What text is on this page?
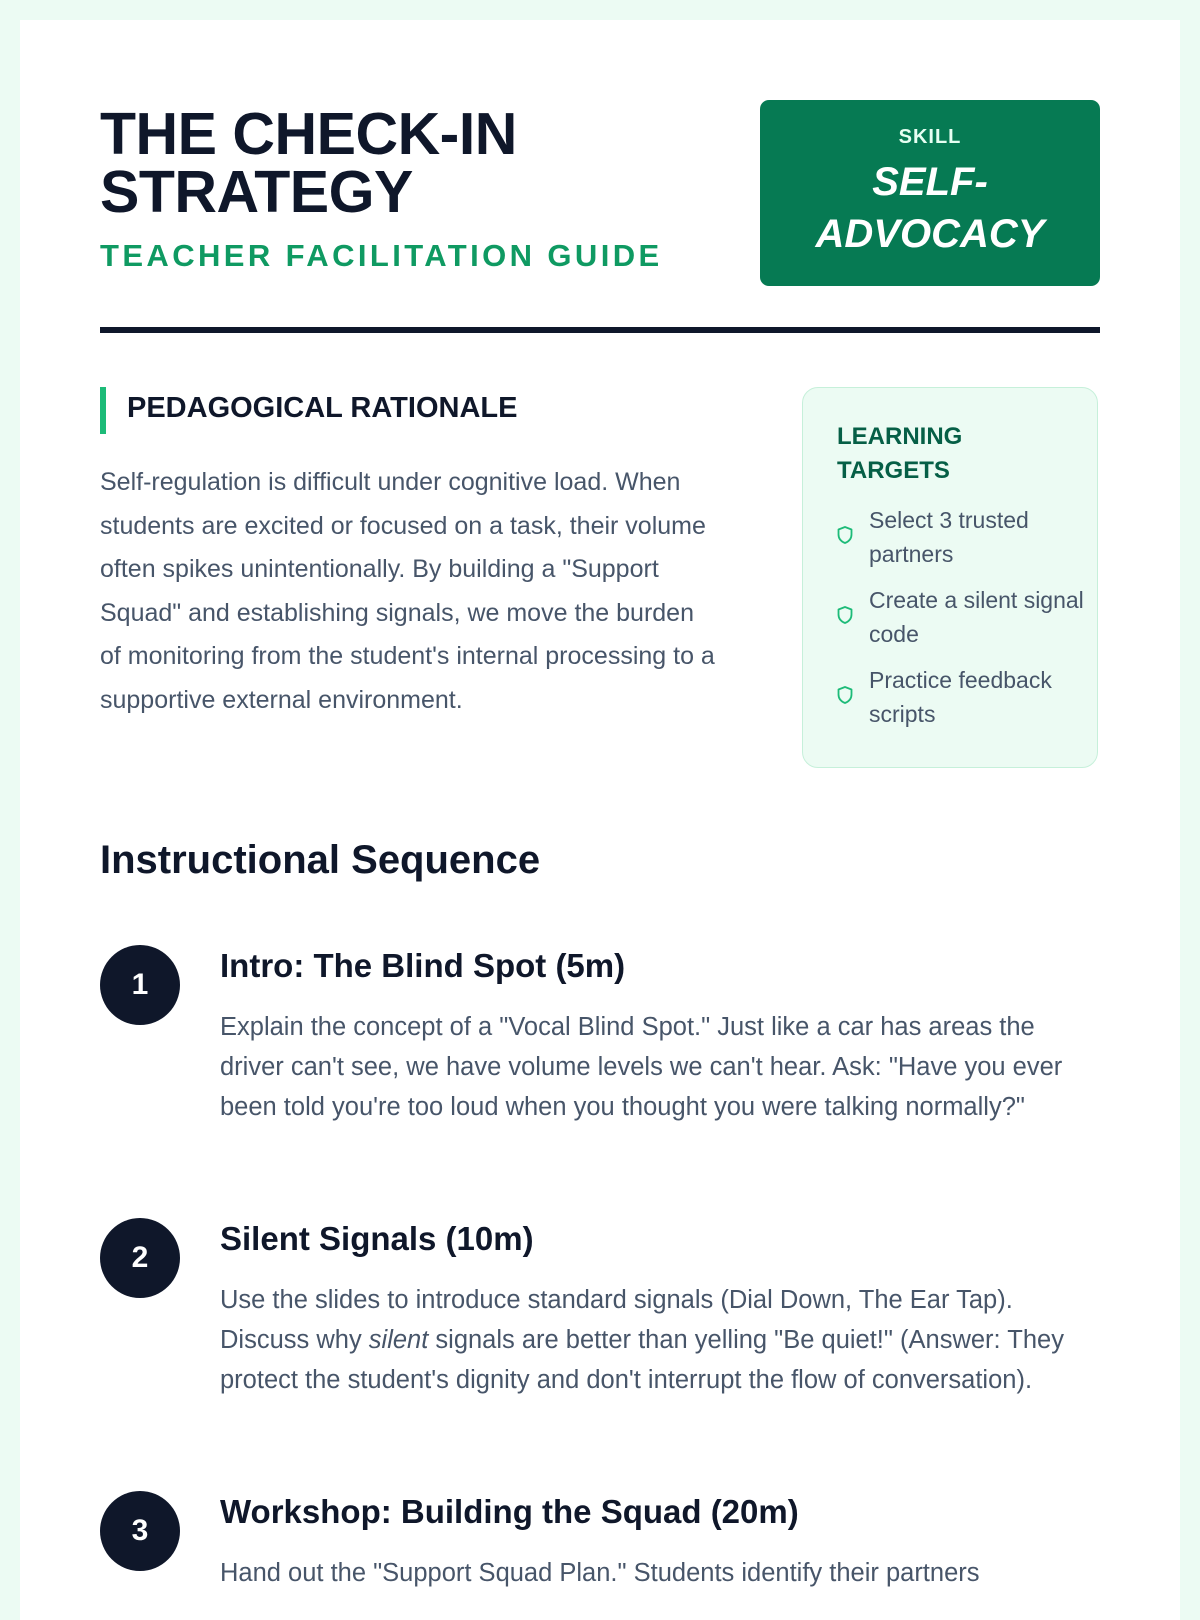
THE CHECK-IN
STRATEGY
TEACHER FACILITATION GUIDE
SKILL
SELF-
ADVOCACY
PEDAGOGICAL RATIONALE

Self-regulation is difficult under cognitive load. When students are excited or focused on a task, their volume often spikes unintentionally. By building a "Support Squad" and establishing signals, we move the burden of monitoring from the student's internal processing to a supportive external environment.

LEARNING TARGETS
Select 3 trusted partners
Create a silent signal code
Practice feedback scripts
Instructional Sequence
1
Intro: The Blind Spot (5m)

Explain the concept of a "Vocal Blind Spot." Just like a car has areas the driver can't see, we have volume levels we can't hear. Ask: "Have you ever been told you're too loud when you thought you were talking normally?"

2
Silent Signals (10m)

Use the slides to introduce standard signals (Dial Down, The Ear Tap). Discuss why silent signals are better than yelling "Be quiet!" (Answer: They protect the student's dignity and don't interrupt the flow of conversation).

3
Workshop: Building the Squad (20m)

Hand out the "Support Squad Plan." Students identify their partners
